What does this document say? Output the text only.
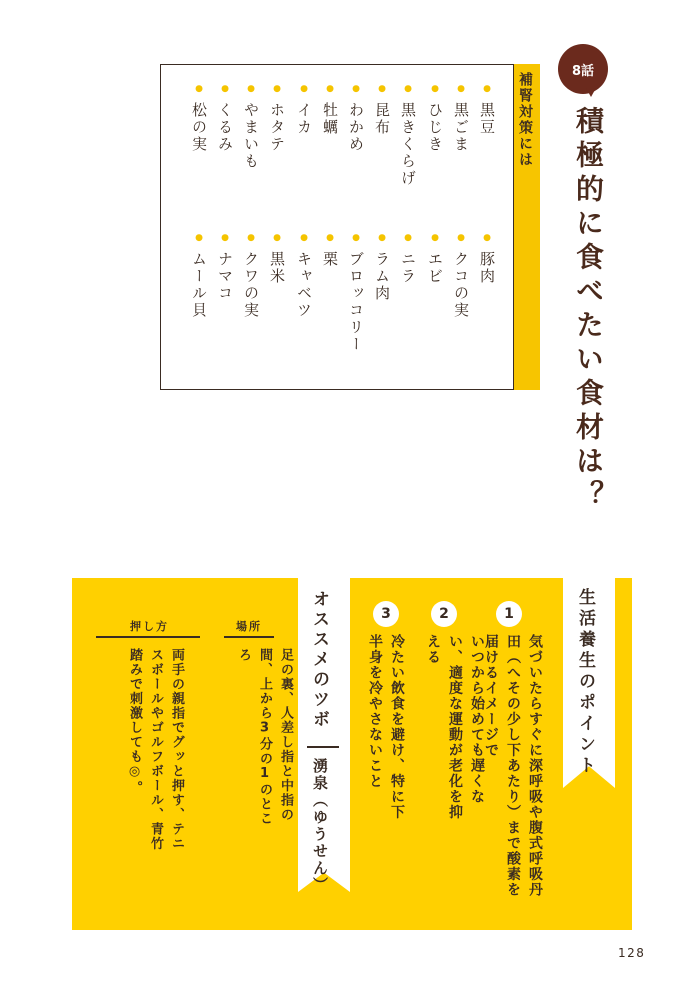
8話
積極的に食べたい食材は？
補腎対策には
● 黒豆
● 豚肉
● 黒ごま
● クコの実
● ひじき
● エビ
● 黒きくらげ
● ニラ
● 昆布
● ラム肉
● わかめ
● ブロッコリー
● 牡蠣
● 栗
● イカ
● キャベツ
● ホタテ
● 黒米
● やまいも
● クワの実
● くるみ
● ナマコ
● 松の実
● ムール貝
生活養生のポイント
1
気づいたらすぐに深呼吸や腹式呼吸丹田（へその少し下あたり）まで酸素を届けるイメージで
2
いつから始めても遅くない、適度な運動が老化を抑える
3
冷たい飲食を避け、特に下半身を冷やさないこと
オススメのツボ
湧泉（ゆうせん）
場所
足の裏、人差し指と中指の間、上から3分の1のところ
押し方
両手の親指でグッと押す、テニスボールやゴルフボール、青竹踏みで刺激しても◎。
128
